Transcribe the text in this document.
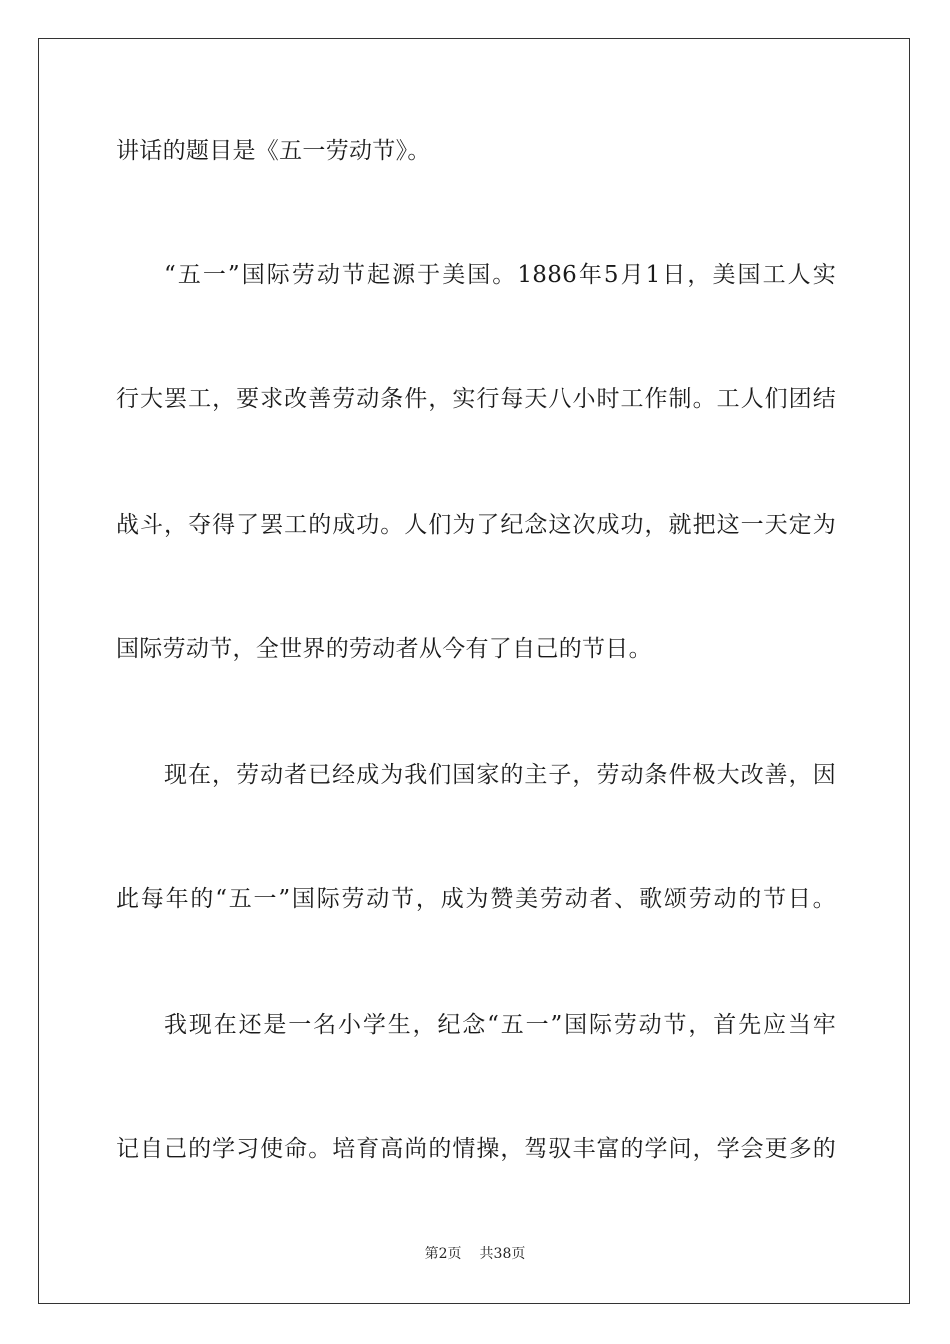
讲话的题目是《五一劳动节》。
“五一”国际劳动节起源于美国。1886年5月1日，美国工人实
行大罢工，要求改善劳动条件，实行每天八小时工作制。工人们团结
战斗，夺得了罢工的成功。人们为了纪念这次成功，就把这一天定为
国际劳动节，全世界的劳动者从今有了自己的节日。
现在，劳动者已经成为我们国家的主子，劳动条件极大改善，因
此每年的“五一”国际劳动节，成为赞美劳动者、歌颂劳动的节日。
我现在还是一名小学生，纪念“五一”国际劳动节，首先应当牢
记自己的学习使命。培育高尚的情操，驾驭丰富的学问，学会更多的
第2页 共38页
